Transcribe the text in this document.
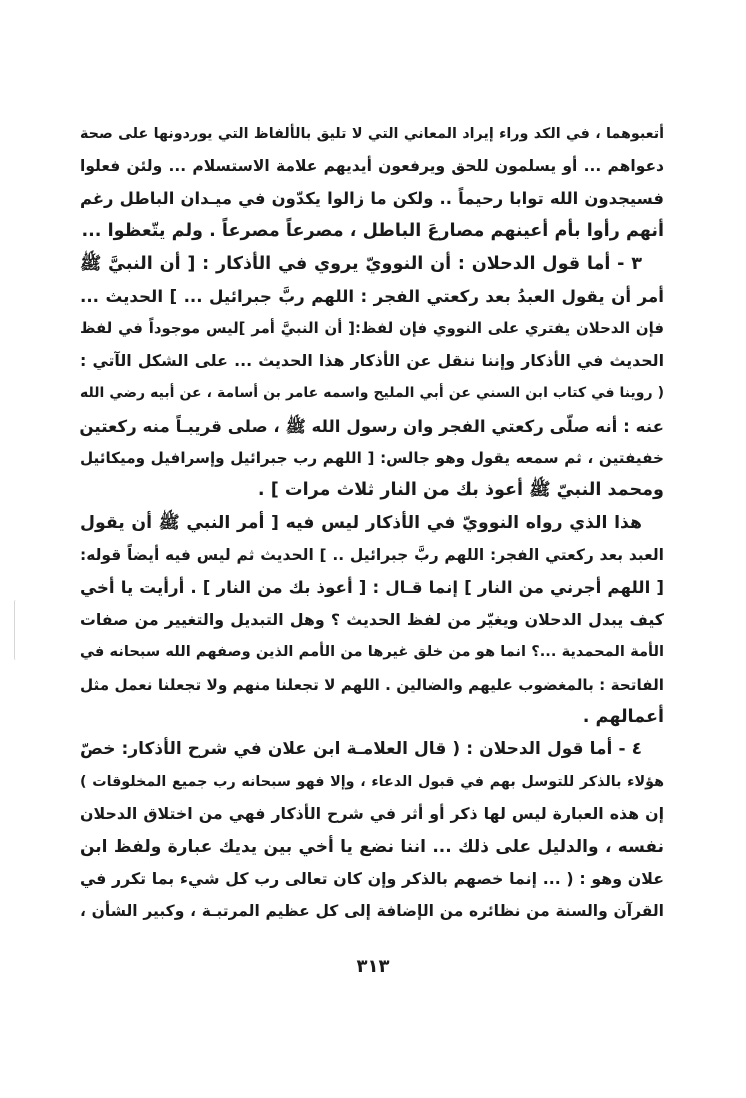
أتعبوهما ، في الكد وراء إيراد المعاني التي لا تليق بالألفاظ التي يوردونها على صحة
دعواهم ... أو يسلمون للحق ويرفعون أيديهم علامة الاستسلام ... ولئن فعلوا
فسيجدون الله توابا رحيماً .. ولكن ما زالوا يكدّون في ميـدان الباطل رغم
أنهم رأوا بأم أعينهم مصارعَ الباطل ، مصرعاً مصرعاً . ولم يتّعظوا ...
٣ - أما قول الدحلان : أن النوويّ يروي في الأذكار : [ أن النبيَّ ﷺ
أمر أن يقول العبدُ بعد ركعتي الفجر : اللهم ربَّ جبرائيل ... ] الحديث ...
فإن الدحلان يفتري على النووي فإن لفظ:[ أن النبيَّ أمر ]ليس موجوداً في لفظ
الحديث في الأذكار وإننا ننقل عن الأذكار هذا الحديث ... على الشكل الآتي :
( روينا في كتاب ابن السني عن أبي المليح واسمه عامر بن أسامة ، عن أبيه رضي الله
عنه : أنه صلّى ركعتي الفجر وان رسول الله ﷺ ، صلى قريبـاً منه ركعتين
خفيفتين ، ثم سمعه يقول وهو جالس: [ اللهم رب جبرائيل وإسرافيل وميكائيل
ومحمد النبيّ ﷺ أعوذ بك من النار ثلاث مرات ] .
هذا الذي رواه النوويّ في الأذكار ليس فيه [ أمر النبي ﷺ أن يقول
العبد بعد ركعتي الفجر: اللهم ربَّ جبرائيل .. ] الحديث ثم ليس فيه أيضاً قوله:
[ اللهم أجرني من النار ] إنما قـال : [ أعوذ بك من النار ] . أرأيت يا أخي
كيف يبدل الدحلان ويغيّر من لفظ الحديث ؟ وهل التبديل والتغيير من صفات
الأمة المحمدية ...؟ انما هو من خلق غيرها من الأمم الذين وصفهم الله سبحانه في
الفاتحة : بالمغضوب عليهم والضالين . اللهم لا تجعلنا منهم ولا تجعلنا نعمل مثل
أعمالهم .
٤ - أما قول الدحلان : ( قال العلامـة ابن علان في شرح الأذكار: خصّ
هؤلاء بالذكر للتوسل بهم في قبول الدعاء ، وإلا فهو سبحانه رب جميع المخلوقات )
إن هذه العبارة ليس لها ذكر أو أثر في شرح الأذكار فهي من اختلاق الدحلان
نفسه ، والدليل على ذلك ... اننا نضع يا أخي بين يديك عبارة ولفظ ابن
علان وهو : ( ... إنما خصهم بالذكر وإن كان تعالى رب كل شيء بما تكرر في
القرآن والسنة من نظائره من الإضافة إلى كل عظيم المرتبـة ، وكبير الشأن ،
٣١٣
